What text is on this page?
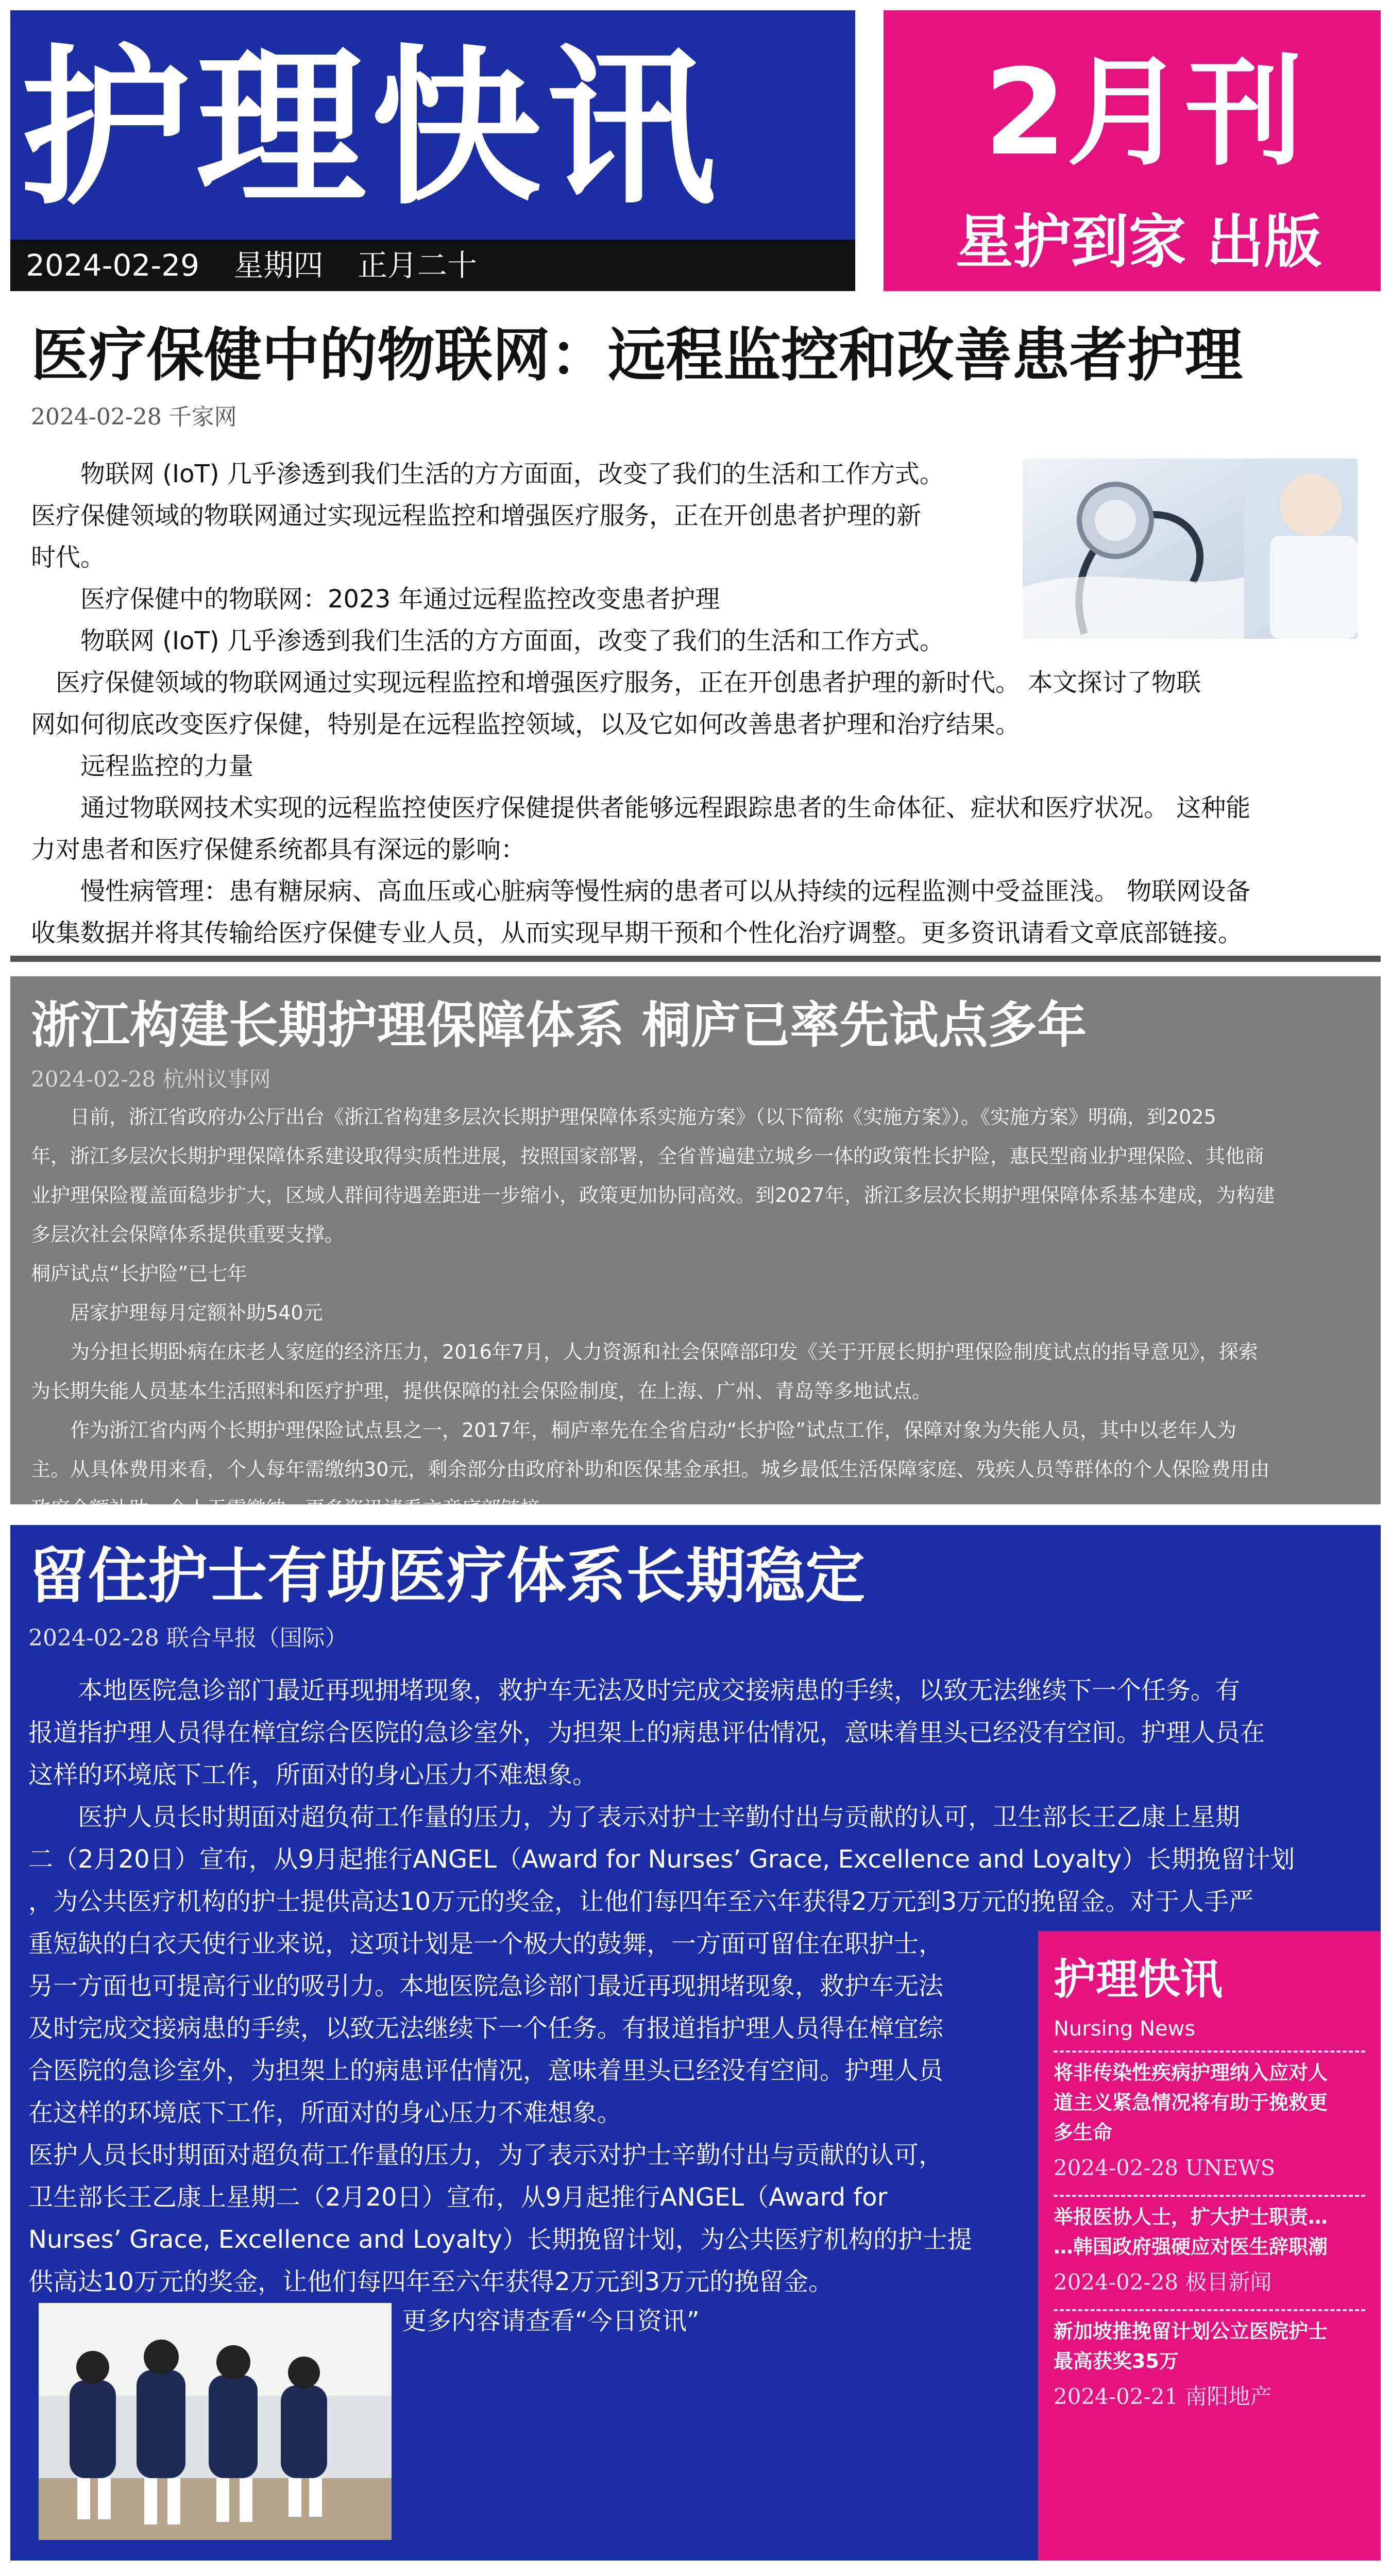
护理快讯
2024-02-29 星期四 正月二十
2月刊
星护到家 出版
医疗保健中的物联网：远程监控和改善患者护理
2024-02-28 千家网

　　物联网 (IoT) 几乎渗透到我们生活的方方面面，改变了我们的生活和工作方式。

医疗保健领域的物联网通过实现远程监控和增强医疗服务，正在开创患者护理的新

时代。

　　医疗保健中的物联网：2023 年通过远程监控改变患者护理

　　物联网 (IoT) 几乎渗透到我们生活的方方面面，改变了我们的生活和工作方式。

　医疗保健领域的物联网通过实现远程监控和增强医疗服务，正在开创患者护理的新时代。 本文探讨了物联

网如何彻底改变医疗保健，特别是在远程监控领域，以及它如何改善患者护理和治疗结果。

　　远程监控的力量

　　通过物联网技术实现的远程监控使医疗保健提供者能够远程跟踪患者的生命体征、症状和医疗状况。 这种能

力对患者和医疗保健系统都具有深远的影响：

　　慢性病管理：患有糖尿病、高血压或心脏病等慢性病的患者可以从持续的远程监测中受益匪浅。 物联网设备

收集数据并将其传输给医疗保健专业人员，从而实现早期干预和个性化治疗调整。更多资讯请看文章底部链接。

浙江构建长期护理保障体系 桐庐已率先试点多年
2024-02-28 杭州议事网

　　日前，浙江省政府办公厅出台《浙江省构建多层次长期护理保障体系实施方案》（以下简称《实施方案》）。《实施方案》明确，到2025

年，浙江多层次长期护理保障体系建设取得实质性进展，按照国家部署，全省普遍建立城乡一体的政策性长护险，惠民型商业护理保险、其他商

业护理保险覆盖面稳步扩大，区域人群间待遇差距进一步缩小，政策更加协同高效。到2027年，浙江多层次长期护理保障体系基本建成，为构建

多层次社会保障体系提供重要支撑。

桐庐试点“长护险”已七年

　　居家护理每月定额补助540元

　　为分担长期卧病在床老人家庭的经济压力，2016年7月，人力资源和社会保障部印发《关于开展长期护理保险制度试点的指导意见》，探索

为长期失能人员基本生活照料和医疗护理，提供保障的社会保险制度，在上海、广州、青岛等多地试点。

　　作为浙江省内两个长期护理保险试点县之一，2017年，桐庐率先在全省启动“长护险”试点工作，保障对象为失能人员，其中以老年人为

主。从具体费用来看，个人每年需缴纳30元，剩余部分由政府补助和医保基金承担。城乡最低生活保障家庭、残疾人员等群体的个人保险费用由

政府全额补助，个人无需缴纳。更多资讯请看文章底部链接。

留住护士有助医疗体系长期稳定
2024-02-28 联合早报（国际）

　　本地医院急诊部门最近再现拥堵现象，救护车无法及时完成交接病患的手续，以致无法继续下一个任务。有

报道指护理人员得在樟宜综合医院的急诊室外，为担架上的病患评估情况，意味着里头已经没有空间。护理人员在

这样的环境底下工作，所面对的身心压力不难想象。

　　医护人员长时期面对超负荷工作量的压力，为了表示对护士辛勤付出与贡献的认可，卫生部长王乙康上星期

二（2月20日）宣布，从9月起推行ANGEL（Award for Nurses’ Grace, Excellence and Loyalty）长期挽留计划

，为公共医疗机构的护士提供高达10万元的奖金，让他们每四年至六年获得2万元到3万元的挽留金。对于人手严

重短缺的白衣天使行业来说，这项计划是一个极大的鼓舞，一方面可留住在职护士，

另一方面也可提高行业的吸引力。本地医院急诊部门最近再现拥堵现象，救护车无法

及时完成交接病患的手续，以致无法继续下一个任务。有报道指护理人员得在樟宜综

合医院的急诊室外，为担架上的病患评估情况，意味着里头已经没有空间。护理人员

在这样的环境底下工作，所面对的身心压力不难想象。

医护人员长时期面对超负荷工作量的压力，为了表示对护士辛勤付出与贡献的认可，

卫生部长王乙康上星期二（2月20日）宣布，从9月起推行ANGEL（Award for

Nurses’ Grace, Excellence and Loyalty）长期挽留计划，为公共医疗机构的护士提

供高达10万元的奖金，让他们每四年至六年获得2万元到3万元的挽留金。

更多内容请查看“今日资讯”
护理快讯
Nursing News
将非传染性疾病护理纳入应对人
道主义紧急情况将有助于挽救更
多生命
2024-02-28 UNEWS
举报医协人士，扩大护士职责…
…韩国政府强硬应对医生辞职潮
2024-02-28 极目新闻
新加坡推挽留计划公立医院护士
最高获奖35万
2024-02-21 南阳地产
